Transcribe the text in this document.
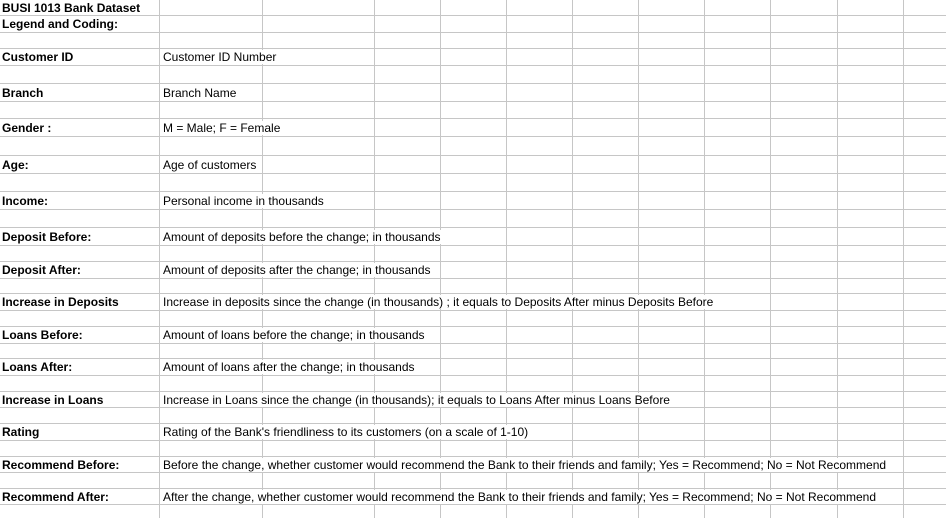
BUSI 1013 Bank Dataset
Legend and Coding:
Customer ID	Customer ID Number
Branch	Branch Name
Gender :	M = Male; F = Female
Age:	Age of customers
Income:	Personal income in thousands
Deposit Before:	Amount of deposits before the change; in thousands
Deposit After:	Amount of deposits after the change; in thousands
Increase in Deposits	Increase in deposits since the change (in thousands) ; it equals to Deposits After minus Deposits Before
Loans Before:	Amount of loans before the change; in thousands
Loans After:	Amount of loans after the change; in thousands
Increase in Loans	Increase in Loans since the change (in thousands); it equals to Loans After minus Loans Before
Rating	Rating of the Bank's friendliness to its customers (on a scale of 1-10)
Recommend Before:	Before the change, whether customer would recommend the Bank to their friends and family; Yes = Recommend; No = Not Recommend
Recommend After:	After the change, whether customer would recommend the Bank to their friends and family; Yes = Recommend; No = Not Recommend
